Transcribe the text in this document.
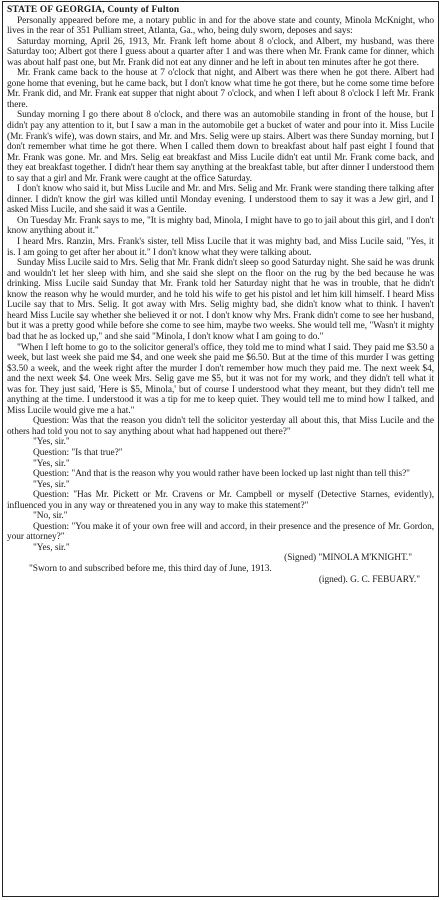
STATE OF GEORGIA, County of Fulton

Personally appeared before me, a notary public in and for the above state and county, Minola McKnight, who lives in the rear of 351 Pulliam street, Atlanta, Ga., who, being duly sworn, deposes and says:

Saturday morning, April 26, 1913, Mr. Frank left home about 8 o'clock, and Albert, my husband, was there Saturday too; Albert got there I guess about a quarter after 1 and was there when Mr. Frank came for dinner, which was about half past one, but Mr. Frank did not eat any dinner and he left in about ten minutes after he got there.

Mr. Frank came back to the house at 7 o'clock that night, and Albert was there when he got there. Albert had gone home that evening, but he came back, but I don't know what time he got there, but he come some time before Mr. Frank did, and Mr. Frank eat supper that night about 7 o'clock, and when I left about 8 o'clock I left Mr. Frank there.

Sunday morning I go there about 8 o'clock, and there was an automobile standing in front of the house, but I didn't pay any attention to it, but I saw a man in the automobile get a bucket of water and pour into it. Miss Lucile (Mr. Frank's wife), was down stairs, and Mr. and Mrs. Selig were up stairs. Albert was there Sunday morning, but I don't remember what time he got there. When I called them down to breakfast about half past eight I found that Mr. Frank was gone. Mr. and Mrs. Selig eat breakfast and Miss Lucile didn't eat until Mr. Frank come back, and they eat breakfast together. I didn't hear them say anything at the breakfast table, but after dinner I understood them to say that a girl and Mr. Frank were caught at the office Saturday.

I don't know who said it, but Miss Lucile and Mr. and Mrs. Selig and Mr. Frank were standing there talking after dinner. I didn't know the girl was killed until Monday evening. I understood them to say it was a Jew girl, and I asked Miss Lucile, and she said it was a Gentile.

On Tuesday Mr. Frank says to me, "It is mighty bad, Minola, I might have to go to jail about this girl, and I don't know anything about it."

I heard Mrs. Ranzin, Mrs. Frank's sister, tell Miss Lucile that it was mighty bad, and Miss Lucile said, "Yes, it is. I am going to get after her about it." I don't know what they were talking about.

Sunday Miss Lucile said to Mrs. Selig that Mr. Frank didn't sleep so good Saturday night. She said he was drunk and wouldn't let her sleep with him, and she said she slept on the floor on the rug by the bed because he was drinking. Miss Lucile said Sunday that Mr. Frank told her Saturday night that he was in trouble, that he didn't know the reason why he would murder, and he told his wife to get his pistol and let him kill himself. I heard Miss Lucile say that to Mrs. Selig. It got away with Mrs. Selig mighty bad, she didn't know what to think. I haven't heard Miss Lucile say whether she believed it or not. I don't know why Mrs. Frank didn't come to see her husband, but it was a pretty good while before she come to see him, maybe two weeks. She would tell me, "Wasn't it mighty bad that he as locked up," and she said "Minola, I don't know what I am going to do."

"When I left home to go to the solicitor general's office, they told me to mind what I said. They paid me $3.50 a week, but last week she paid me $4, and one week she paid me $6.50. But at the time of this murder I was getting $3.50 a week, and the week right after the murder I don't remember how much they paid me. The next week $4, and the next week $4. One week Mrs. Selig gave me $5, but it was not for my work, and they didn't tell what it was for. They just said, 'Here is $5, Minola,' but of course I understood what they meant, but they didn't tell me anything at the time. I understood it was a tip for me to keep quiet. They would tell me to mind how I talked, and Miss Lucile would give me a hat."

Question: Was that the reason you didn't tell the solicitor yesterday all about this, that Miss Lucile and the others had told you not to say anything about what had happened out there?"

"Yes, sir."

Question: "Is that true?"

"Yes, sir."

Question: "And that is the reason why you would rather have been locked up last night than tell this?"

"Yes, sir."

Question: "Has Mr. Pickett or Mr. Cravens or Mr. Campbell or myself (Detective Starnes, evidently), influenced you in any way or threatened you in any way to make this statement?"

"No, sir."

Question: "You make it of your own free will and accord, in their presence and the presence of Mr. Gordon, your attorney?"

"Yes, sir."

(Signed) "MINOLA M'KNIGHT."

"Sworn to and subscribed before me, this third day of June, 1913.

(igned). G. C. FEBUARY."
